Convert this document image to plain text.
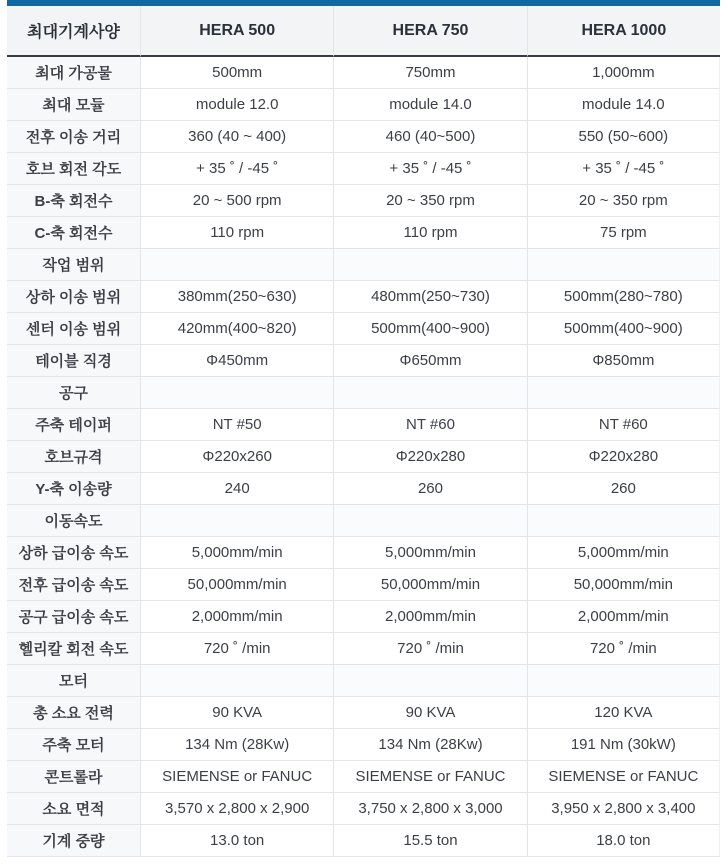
최대기계사양	HERA 500	HERA 750	HERA 1000
최대 가공물	500mm	750mm	1,000mm
최대 모듈	module 12.0	module 14.0	module 14.0
전후 이송 거리	360 (40 ~ 400)	460 (40~500)	550 (50~600)
호브 회전 각도	+ 35 ˚ / -45 ˚	+ 35 ˚ / -45 ˚	+ 35 ˚ / -45 ˚
B-축 회전수	20 ~ 500 rpm	20 ~ 350 rpm	20 ~ 350 rpm
C-축 회전수	110 rpm	110 rpm	75 rpm
작업 범위			
상하 이송 범위	380mm(250~630)	480mm(250~730)	500mm(280~780)
센터 이송 범위	420mm(400~820)	500mm(400~900)	500mm(400~900)
테이블 직경	Φ450mm	Φ650mm	Φ850mm
공구			
주축 테이퍼	NT #50	NT #60	NT #60
호브규격	Φ220x260	Φ220x280	Φ220x280
Y-축 이송량	240	260	260
이동속도			
상하 급이송 속도	5,000mm/min	5,000mm/min	5,000mm/min
전후 급이송 속도	50,000mm/min	50,000mm/min	50,000mm/min
공구 급이송 속도	2,000mm/min	2,000mm/min	2,000mm/min
헬리칼 회전 속도	720 ˚ /min	720 ˚ /min	720 ˚ /min
모터			
총 소요 전력	90 KVA	90 KVA	120 KVA
주축 모터	134 Nm (28Kw)	134 Nm (28Kw)	191 Nm (30kW)
콘트롤라	SIEMENSE or FANUC	SIEMENSE or FANUC	SIEMENSE or FANUC
소요 면적	3,570 x 2,800 x 2,900	3,750 x 2,800 x 3,000	3,950 x 2,800 x 3,400
기계 중량	13.0 ton	15.5 ton	18.0 ton
